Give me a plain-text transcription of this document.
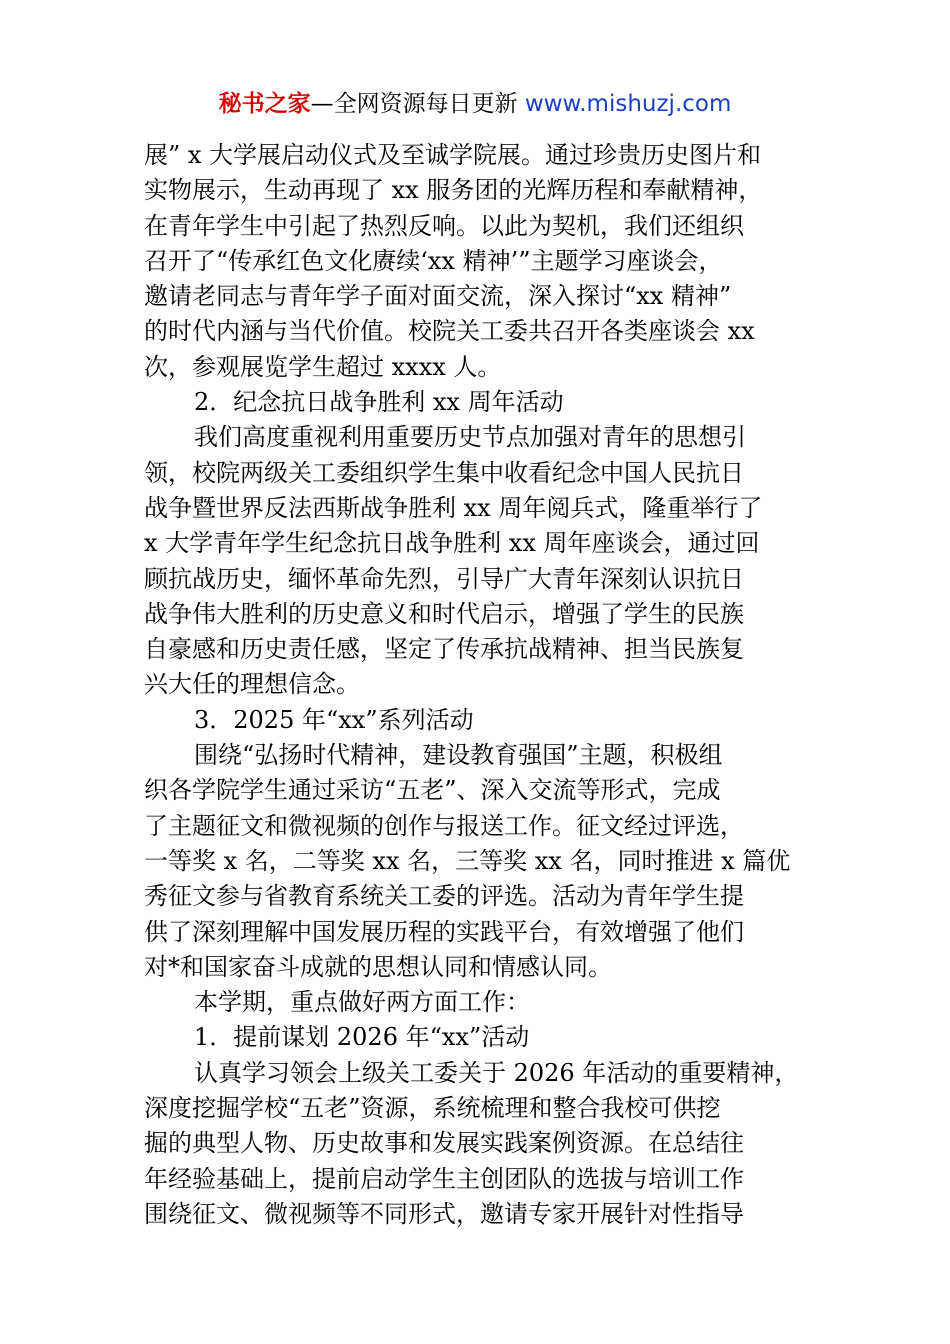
秘书之家—全网资源每日更新 www.mishuzj.com
展” x 大学展启动仪式及至诚学院展。通过珍贵历史图片和
实物展示，生动再现了 xx 服务团的光辉历程和奉献精神，
在青年学生中引起了热烈反响。以此为契机，我们还组织
召开了“传承红色文化赓续‘xx 精神’”主题学习座谈会，
邀请老同志与青年学子面对面交流，深入探讨“xx 精神”
的时代内涵与当代价值。校院关工委共召开各类座谈会 xx
次，参观展览学生超过 xxxx 人。
2．纪念抗日战争胜利 xx 周年活动
我们高度重视利用重要历史节点加强对青年的思想引
领，校院两级关工委组织学生集中收看纪念中国人民抗日
战争暨世界反法西斯战争胜利 xx 周年阅兵式，隆重举行了
x 大学青年学生纪念抗日战争胜利 xx 周年座谈会，通过回
顾抗战历史，缅怀革命先烈，引导广大青年深刻认识抗日
战争伟大胜利的历史意义和时代启示，增强了学生的民族
自豪感和历史责任感，坚定了传承抗战精神、担当民族复
兴大任的理想信念。
3．2025 年“xx”系列活动
围绕“弘扬时代精神，建设教育强国”主题，积极组
织各学院学生通过采访“五老”、深入交流等形式，完成
了主题征文和微视频的创作与报送工作。征文经过评选，
一等奖 x 名，二等奖 xx 名，三等奖 xx 名，同时推进 x 篇优
秀征文参与省教育系统关工委的评选。活动为青年学生提
供了深刻理解中国发展历程的实践平台，有效增强了他们
对*和国家奋斗成就的思想认同和情感认同。
本学期，重点做好两方面工作：
1．提前谋划 2026 年“xx”活动
认真学习领会上级关工委关于 2026 年活动的重要精神，
深度挖掘学校“五老”资源，系统梳理和整合我校可供挖
掘的典型人物、历史故事和发展实践案例资源。在总结往
年经验基础上，提前启动学生主创团队的选拔与培训工作
围绕征文、微视频等不同形式，邀请专家开展针对性指导
